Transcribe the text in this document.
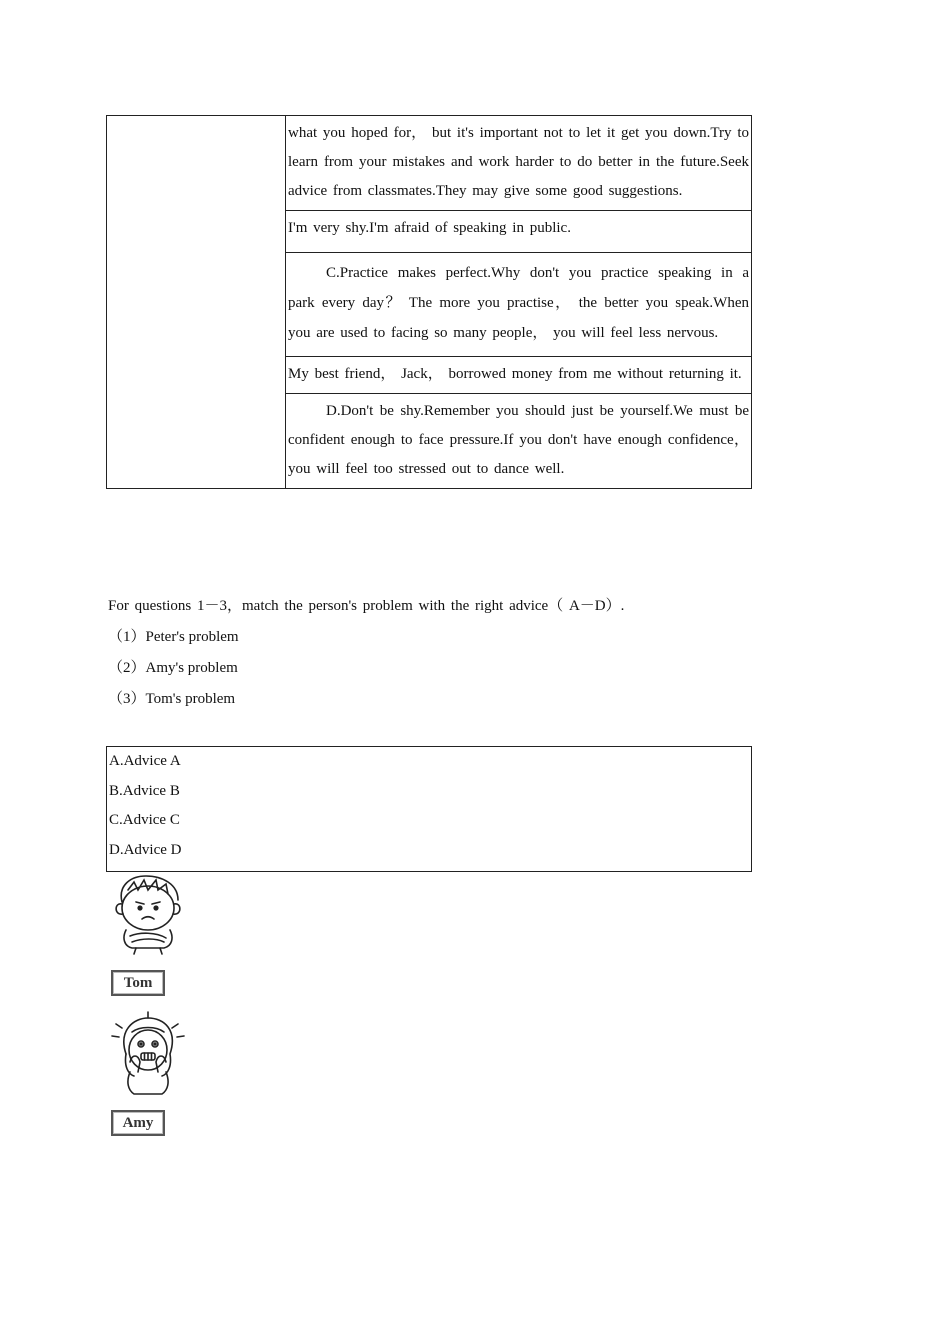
what you hoped for， but it's important not to let it get you down.Try to learn from your mistakes and work harder to do better in the future.Seek advice from classmates.They may give some good suggestions.

I'm very shy.I'm afraid of speaking in public.

C.Practice makes perfect.Why don't you practice speaking in a park every day？ The more you practise， the better you speak.When you are used to facing so many people， you will feel less nervous.

My best friend， Jack， borrowed money from me without returning it.

D.Don't be shy.Remember you should just be yourself.We must be confident enough to face pressure.If you don't have enough confidence， you will feel too stressed out to dance well.
For questions 1－3，match the person's problem with the right advice（ A－D）.
（1）Peter's problem
（2）Amy's problem
（3）Tom's problem
A.Advice A
B.Advice B
C.Advice C
D.Advice D
Tom
Amy
